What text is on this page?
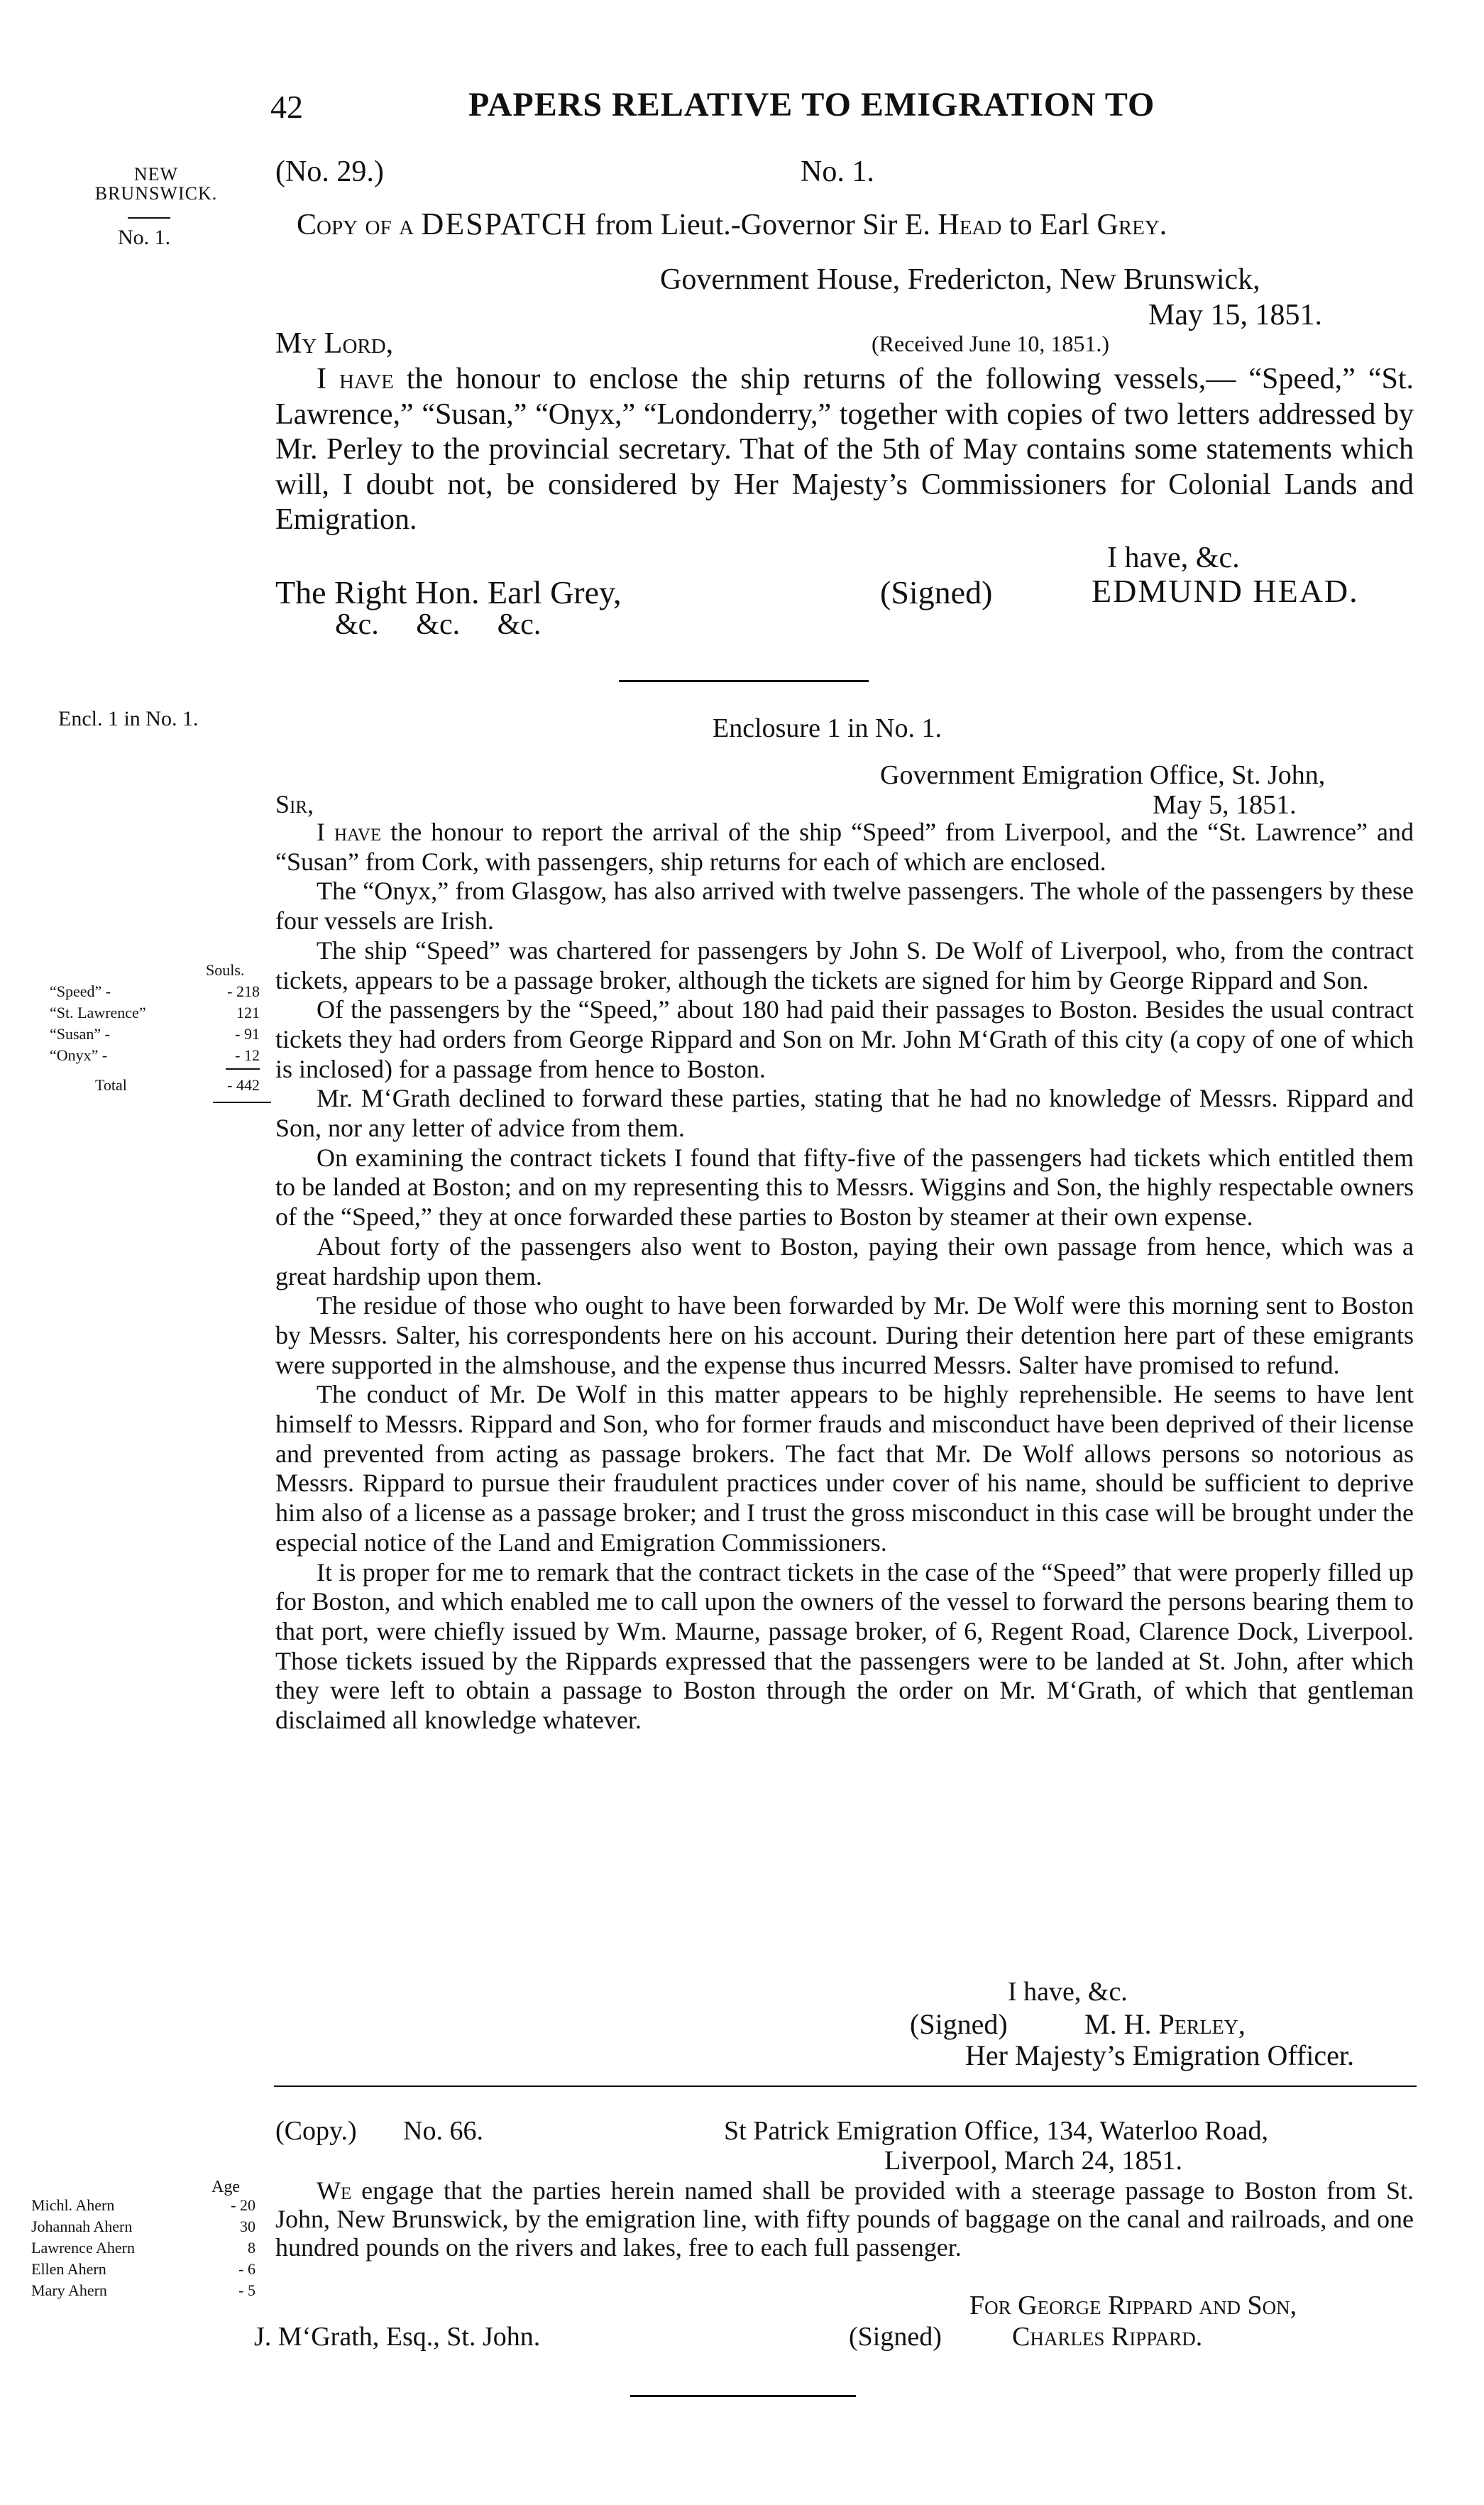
42	PAPERS RELATIVE TO EMIGRATION TO
NEW BRUNSWICK.
No. 1.
(No. 29.)	No. 1.
Copy of a DESPATCH from Lieut.-Governor Sir E. Head to Earl Grey.
Government House, Fredericton, New Brunswick,
May 15, 1851.
My Lord,	(Received June 10, 1851.)

I have the honour to enclose the ship returns of the following vessels,— “Speed,” “St. Lawrence,” “Susan,” “Onyx,” “Londonderry,” together with copies of two letters addressed by Mr. Perley to the provincial secretary. That of the 5th of May contains some statements which will, I doubt not, be considered by Her Majesty’s Commissioners for Colonial Lands and Emigration.

I have, &c.
The Right Hon. Earl Grey,
&c.     &c.     &c.
(Signed)	EDMUND HEAD.
Encl. 1 in No. 1.	Enclosure 1 in No. 1.
Government Emigration Office, St. John,
May 5, 1851.
Sir,

I have the honour to report the arrival of the ship “Speed” from Liverpool, and the “St. Lawrence” and “Susan” from Cork, with passengers, ship returns for each of which are enclosed.

The “Onyx,” from Glasgow, has also arrived with twelve passengers. The whole of the passengers by these four vessels are Irish.

The ship “Speed” was chartered for passengers by John S. De Wolf of Liverpool, who, from the contract tickets, appears to be a passage broker, although the tickets are signed for him by George Rippard and Son.

Of the passengers by the “Speed,” about 180 had paid their passages to Boston. Besides the usual contract tickets they had orders from George Rippard and Son on Mr. John M‘Grath of this city (a copy of one of which is inclosed) for a passage from hence to Boston.

Mr. M‘Grath declined to forward these parties, stating that he had no knowledge of Messrs. Rippard and Son, nor any letter of advice from them.

On examining the contract tickets I found that fifty-five of the passengers had tickets which entitled them to be landed at Boston; and on my representing this to Messrs. Wiggins and Son, the highly respectable owners of the “Speed,” they at once forwarded these parties to Boston by steamer at their own expense.

About forty of the passengers also went to Boston, paying their own passage from hence, which was a great hardship upon them.

The residue of those who ought to have been forwarded by Mr. De Wolf were this morning sent to Boston by Messrs. Salter, his correspondents here on his account. During their detention here part of these emigrants were supported in the almshouse, and the expense thus incurred Messrs. Salter have promised to refund.

The conduct of Mr. De Wolf in this matter appears to be highly reprehensible. He seems to have lent himself to Messrs. Rippard and Son, who for former frauds and misconduct have been deprived of their license and prevented from acting as passage brokers. The fact that Mr. De Wolf allows persons so notorious as Messrs. Rippard to pursue their fraudulent practices under cover of his name, should be sufficient to deprive him also of a license as a passage broker; and I trust the gross misconduct in this case will be brought under the especial notice of the Land and Emigration Commissioners.

It is proper for me to remark that the contract tickets in the case of the “Speed” that were properly filled up for Boston, and which enabled me to call upon the owners of the vessel to forward the persons bearing them to that port, were chiefly issued by Wm. Maurne, passage broker, of 6, Regent Road, Clarence Dock, Liverpool. Those tickets issued by the Rippards expressed that the passengers were to be landed at St. John, after which they were left to obtain a passage to Boston through the order on Mr. M‘Grath, of which that gentleman disclaimed all knowledge whatever.

Souls.
“Speed” -	- 218
“St. Lawrence”	121
“Susan” -	- 91
“Onyx” -	- 12
Total	- 442
I have, &c.
(Signed)	M. H. Perley,
Her Majesty’s Emigration Officer.
(Copy.) No. 66.	St Patrick Emigration Office, 134, Waterloo Road,
Liverpool, March 24, 1851.

We engage that the parties herein named shall be provided with a steerage passage to Boston from St. John, New Brunswick, by the emigration line, with fifty pounds of baggage on the canal and railroads, and one hundred pounds on the rivers and lakes, free to each full passenger.

Age
Michl. Ahern	- 20
Johannah Ahern	30
Lawrence Ahern	8
Ellen Ahern	- 6
Mary Ahern	- 5
For George Rippard and Son,
J. M‘Grath, Esq., St. John.	(Signed)	Charles Rippard.
